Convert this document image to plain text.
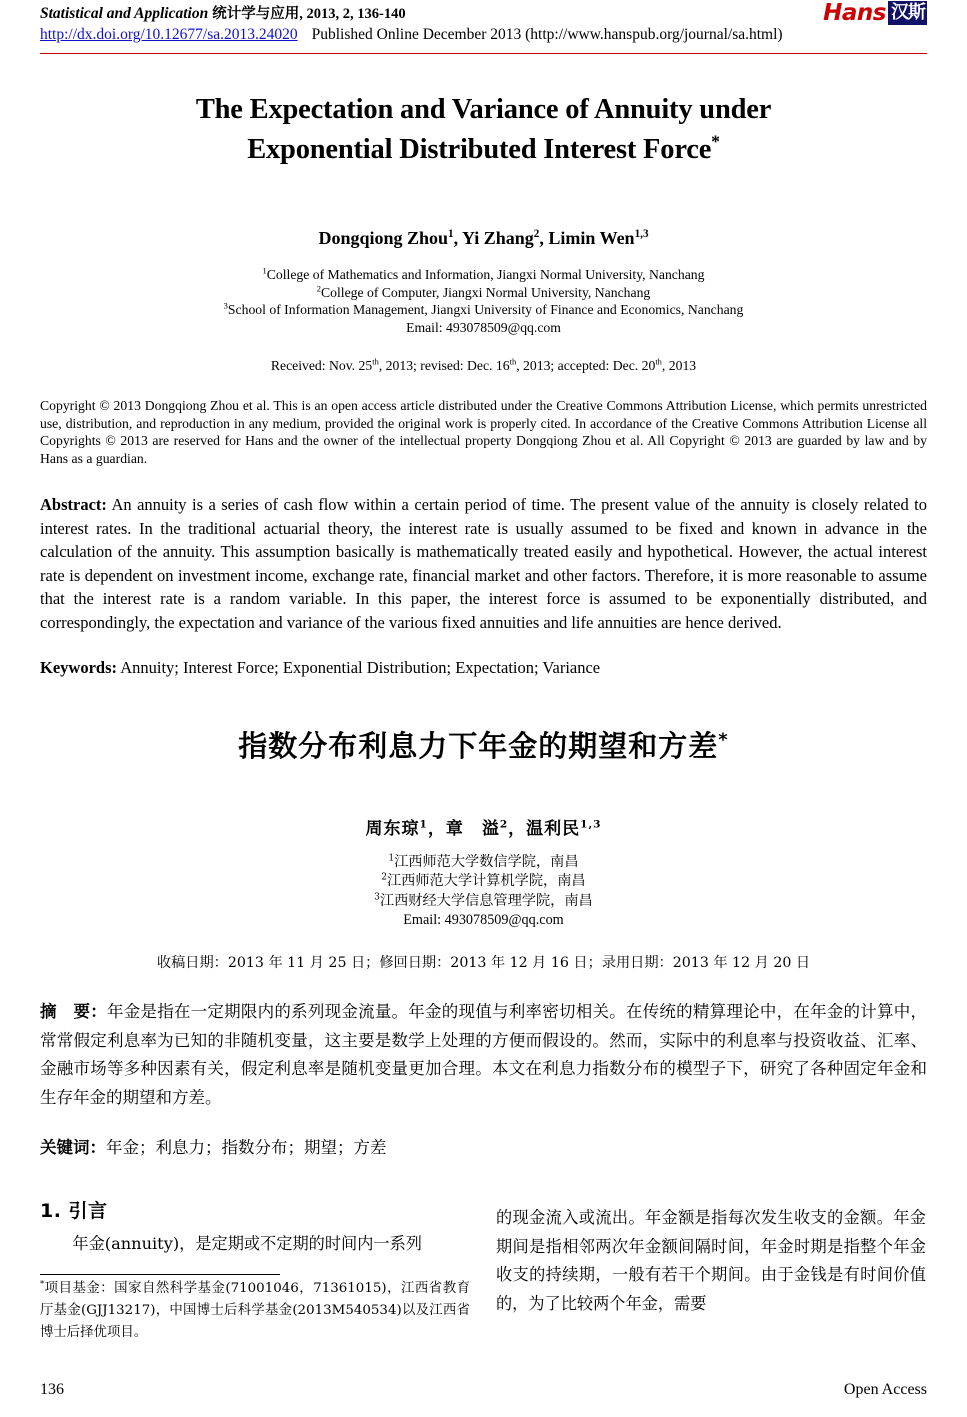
Statistical and Application 统计学与应用, 2013, 2, 136-140
http://dx.doi.org/10.12677/sa.2013.24020 Published Online December 2013 (http://www.hanspub.org/journal/sa.html)
Hans 汉斯
The Expectation and Variance of Annuity under
Exponential Distributed Interest Force*
Dongqiong Zhou$^1$, Yi Zhang$^2$, Limin Wen$^{1,3}$
$^1$College of Mathematics and Information, Jiangxi Normal University, Nanchang
$^2$College of Computer, Jiangxi Normal University, Nanchang
$^3$School of Information Management, Jiangxi University of Finance and Economics, Nanchang
Email: 493078509@qq.com
Received: Nov. 25th, 2013; revised: Dec. 16th, 2013; accepted: Dec. 20th, 2013
Copyright © 2013 Dongqiong Zhou et al. This is an open access article distributed under the Creative Commons Attribution License, which permits unrestricted use, distribution, and reproduction in any medium, provided the original work is properly cited. In accordance of the Creative Commons Attribution License all Copyrights © 2013 are reserved for Hans and the owner of the intellectual property Dongqiong Zhou et al. All Copyright © 2013 are guarded by law and by Hans as a guardian.
Abstract: An annuity is a series of cash flow within a certain period of time. The present value of the annuity is closely related to interest rates. In the traditional actuarial theory, the interest rate is usually assumed to be fixed and known in advance in the calculation of the annuity. This assumption basically is mathematically treated easily and hypothetical. However, the actual interest rate is dependent on investment income, exchange rate, financial market and other factors. Therefore, it is more reasonable to assume that the interest rate is a random variable. In this paper, the interest force is assumed to be exponentially distributed, and correspondingly, the expectation and variance of the various fixed annuities and life annuities are hence derived.
Keywords: Annuity; Interest Force; Exponential Distribution; Expectation; Variance
指数分布利息力下年金的期望和方差*
周东琼$^1$，章　溢$^2$，温利民$^{1,3}$
$^1$江西师范大学数信学院，南昌
$^2$江西师范大学计算机学院，南昌
$^3$江西财经大学信息管理学院，南昌
Email: 493078509@qq.com
收稿日期：2013 年 11 月 25 日；修回日期：2013 年 12 月 16 日；录用日期：2013 年 12 月 20 日
摘　要：年金是指在一定期限内的系列现金流量。年金的现值与利率密切相关。在传统的精算理论中，在年金的计算中，常常假定利息率为已知的非随机变量，这主要是数学上处理的方便而假设的。然而，实际中的利息率与投资收益、汇率、金融市场等多种因素有关，假定利息率是随机变量更加合理。本文在利息力指数分布的模型子下，研究了各种固定年金和生存年金的期望和方差。
关键词：年金；利息力；指数分布；期望；方差
1. 引言
年金(annuity)，是定期或不定期的时间内一系列
*项目基金：国家自然科学基金(71001046，71361015)，江西省教育厅基金(GJJ13217)，中国博士后科学基金(2013M540534)以及江西省博士后择优项目。
的现金流入或流出。年金额是指每次发生收支的金额。年金期间是指相邻两次年金额间隔时间，年金时期是指整个年金收支的持续期，一般有若干个期间。由于金钱是有时间价值的，为了比较两个年金，需要
136	Open Access
